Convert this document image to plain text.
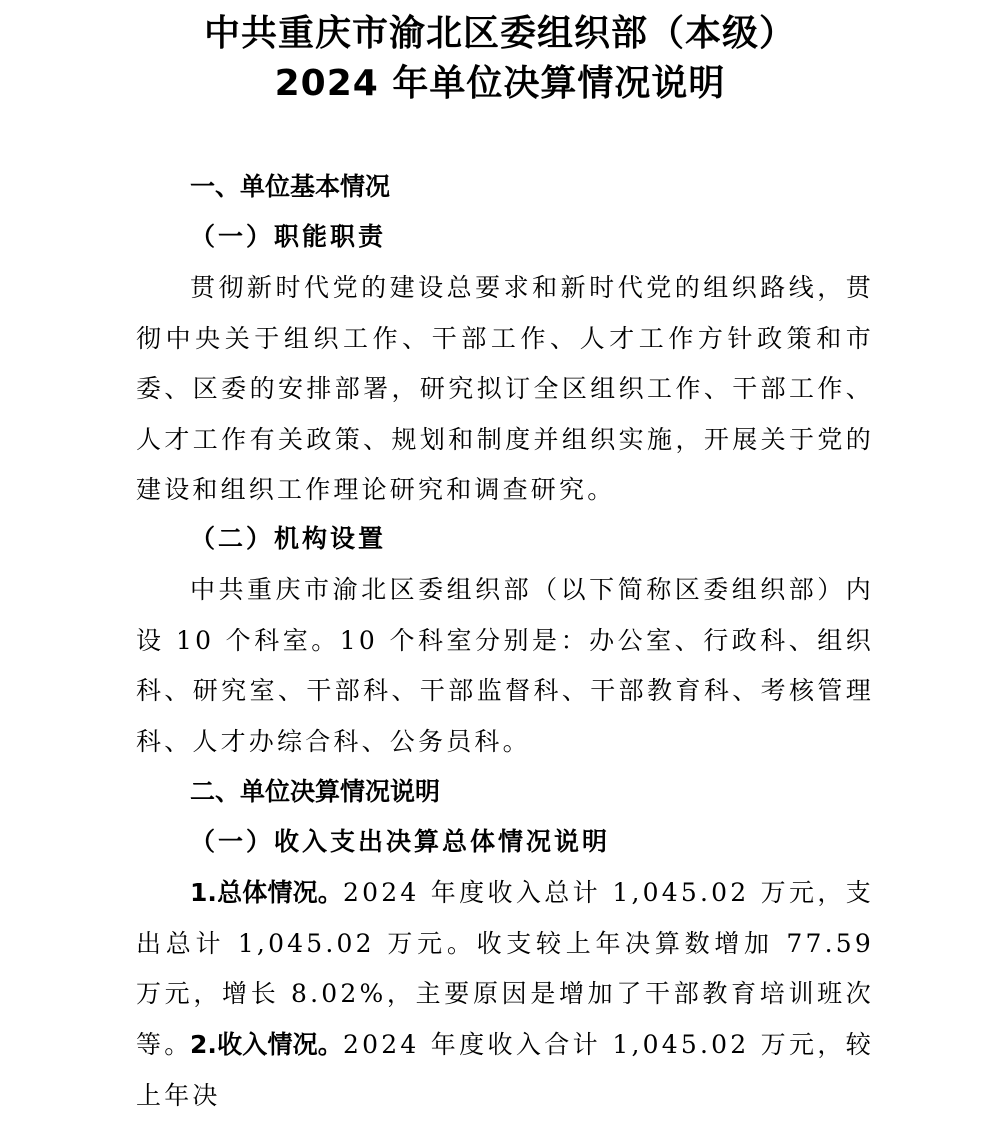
中共重庆市渝北区委组织部（本级）
2024 年单位决算情况说明
一、单位基本情况
（一）职能职责

贯彻新时代党的建设总要求和新时代党的组织路线，贯彻中央关于组织工作、干部工作、人才工作方针政策和市委、区委的安排部署，研究拟订全区组织工作、干部工作、人才工作有关政策、规划和制度并组织实施，开展关于党的建设和组织工作理论研究和调查研究。

（二）机构设置

中共重庆市渝北区委组织部（以下简称区委组织部）内设 10 个科室。10 个科室分别是：办公室、行政科、组织科、研究室、干部科、干部监督科、干部教育科、考核管理科、人才办综合科、公务员科。

二、单位决算情况说明
（一）收入支出决算总体情况说明

1.总体情况。2024 年度收入总计 1,045.02 万元，支出总计 1,045.02 万元。收支较上年决算数增加 77.59 万元，增长 8.02%，主要原因是增加了干部教育培训班次等。

2.收入情况。2024 年度收入合计 1,045.02 万元，较上年决
